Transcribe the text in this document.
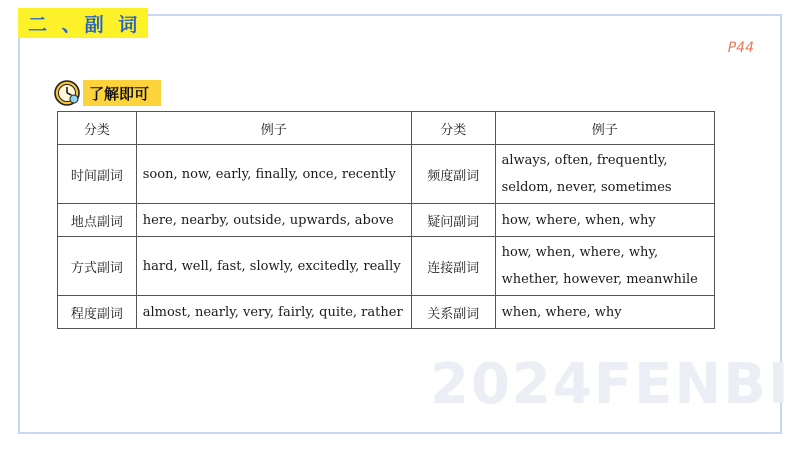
2024FENBI
二 、副 词
P44
了解即可
分类	例子	分类	例子
时间副词	soon, now, early, finally, once, recently	频度副词	always, often, frequently, seldom, never, sometimes
地点副词	here, nearby, outside, upwards, above	疑问副词	how, where, when, why
方式副词	hard, well, fast, slowly, excitedly, really	连接副词	how, when, where, why, whether, however, meanwhile
程度副词	almost, nearly, very, fairly, quite, rather	关系副词	when, where, why
